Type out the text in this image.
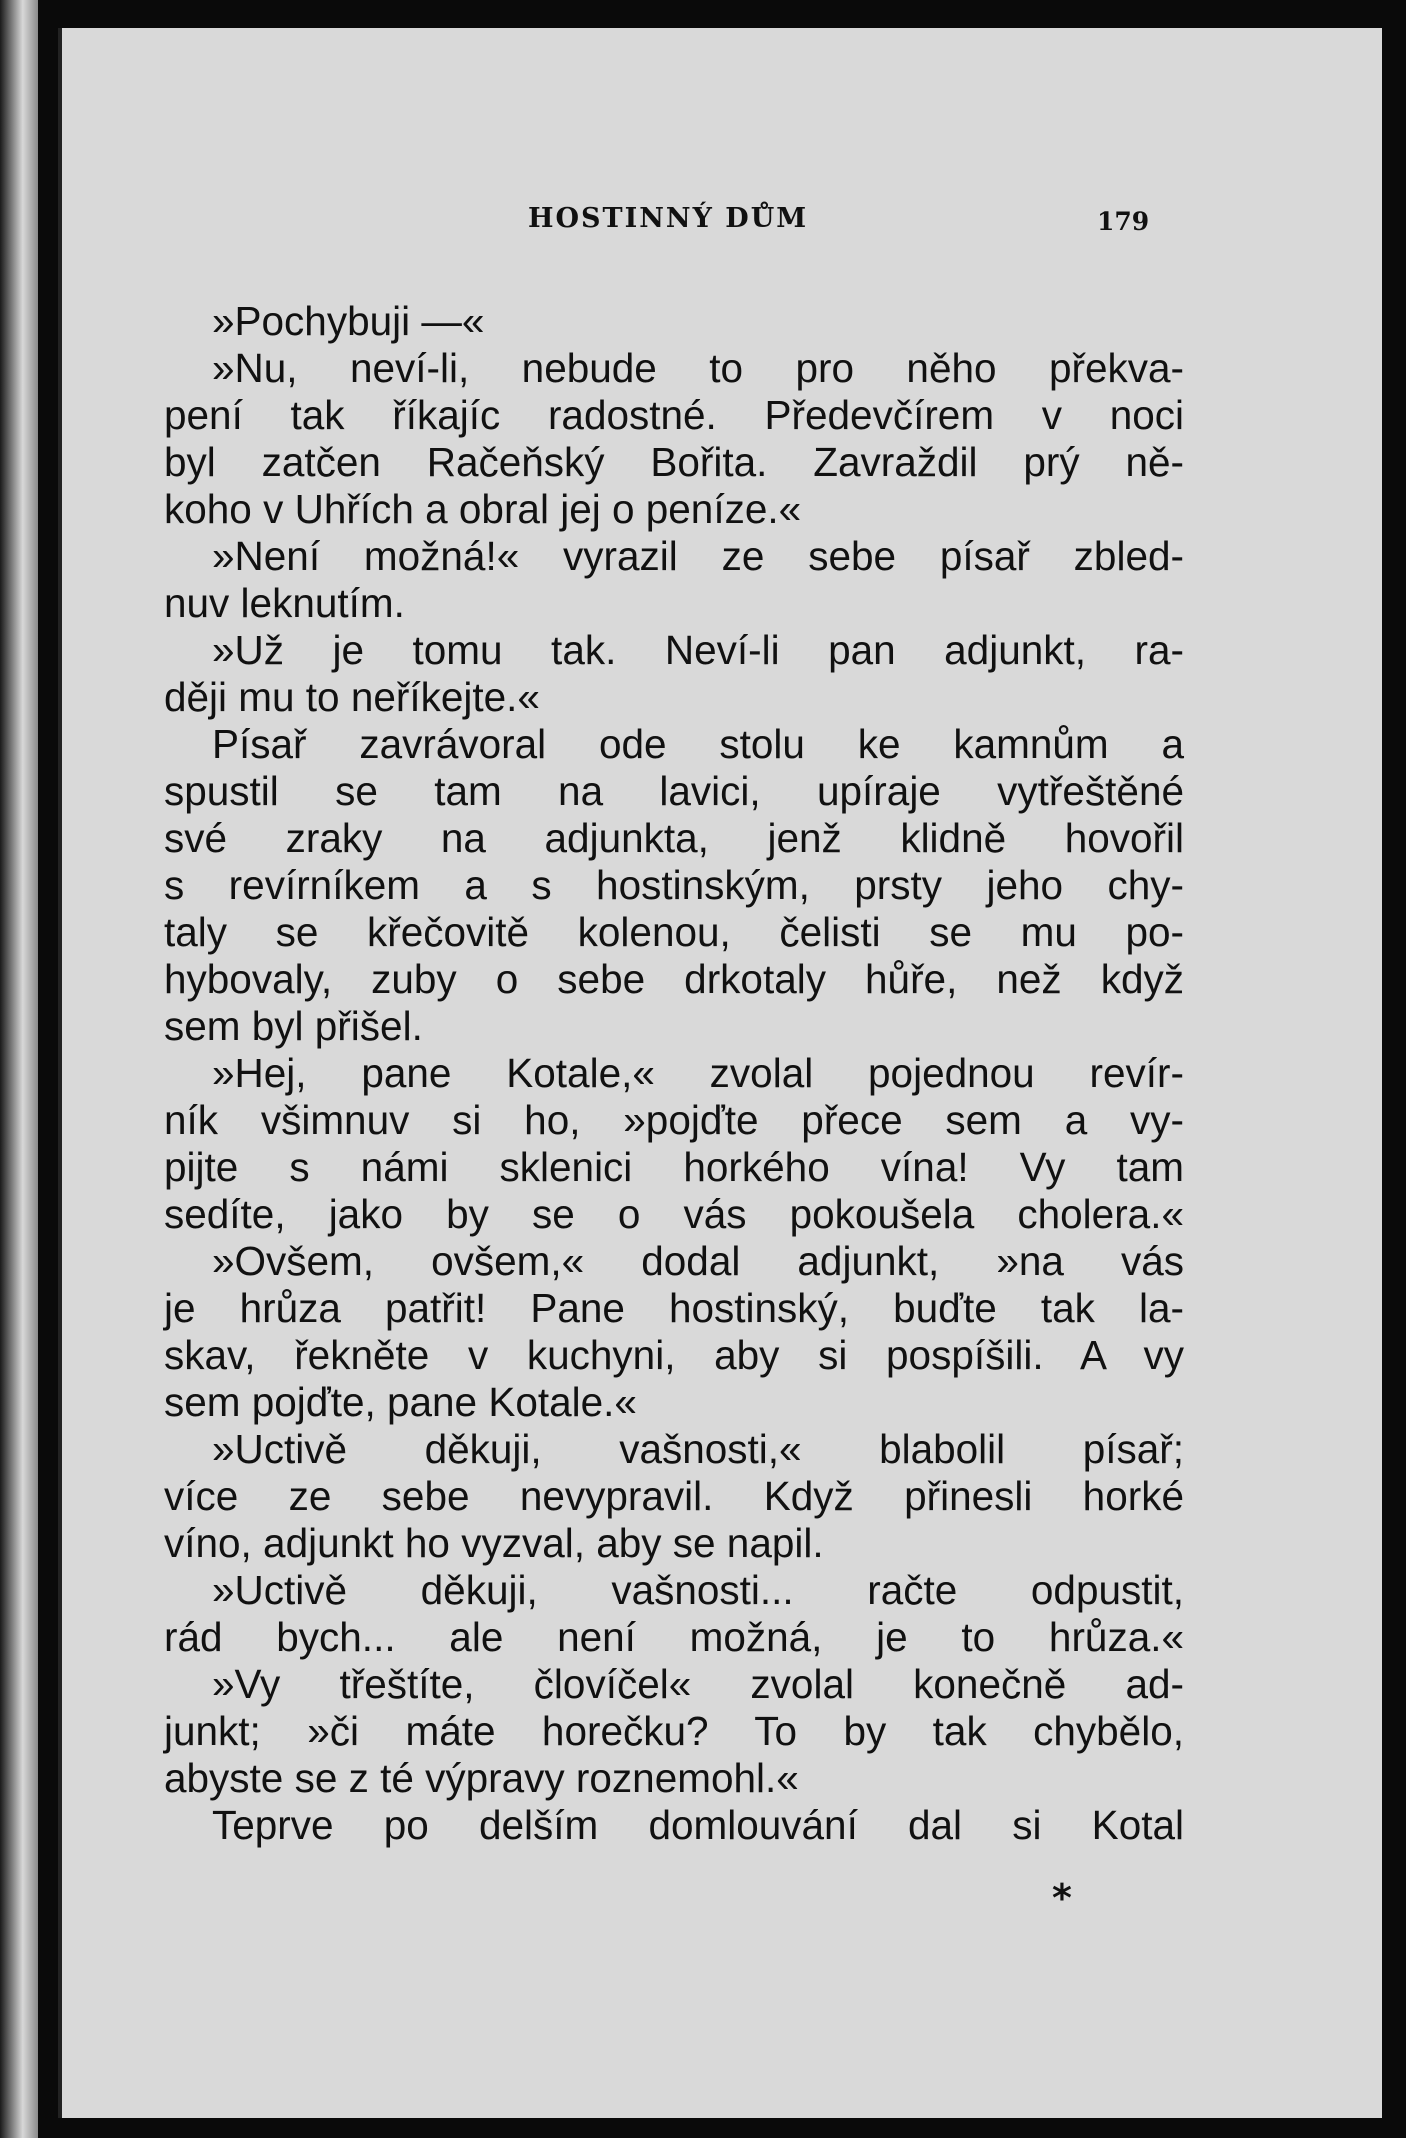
HOSTINNÝ DŮM	179
»Pochybuji —«
»Nu, neví-li, nebude to pro něho překva-
pení tak říkajíc radostné. Předevčírem v noci
byl zatčen Račeňský Bořita. Zavraždil prý ně-
koho v Uhřích a obral jej o peníze.«
»Není možná!« vyrazil ze sebe písař zbled-
nuv leknutím.
»Už je tomu tak. Neví-li pan adjunkt, ra-
ději mu to neříkejte.«
Písař zavrávoral ode stolu ke kamnům a
spustil se tam na lavici, upíraje vytřeštěné
své zraky na adjunkta, jenž klidně hovořil
s revírníkem a s hostinským, prsty jeho chy-
taly se křečovitě kolenou, čelisti se mu po-
hybovaly, zuby o sebe drkotaly hůře, než když
sem byl přišel.
»Hej, pane Kotale,« zvolal pojednou revír-
ník všimnuv si ho, »pojďte přece sem a vy-
pijte s námi sklenici horkého vína! Vy tam
sedíte, jako by se o vás pokoušela cholera.«
»Ovšem, ovšem,« dodal adjunkt, »na vás
je hrůza patřit! Pane hostinský, buďte tak la-
skav, řekněte v kuchyni, aby si pospíšili. A vy
sem pojďte, pane Kotale.«
»Uctivě děkuji, vašnosti,« blabolil písař;
více ze sebe nevypravil. Když přinesli horké
víno, adjunkt ho vyzval, aby se napil.
»Uctivě děkuji, vašnosti... račte odpustit,
rád bych... ale není možná, je to hrůza.«
»Vy třeštíte, človíčel« zvolal konečně ad-
junkt; »či máte horečku? To by tak chybělo,
abyste se z té výpravy roznemohl.«
Teprve po delším domlouvání dal si Kotal
*
